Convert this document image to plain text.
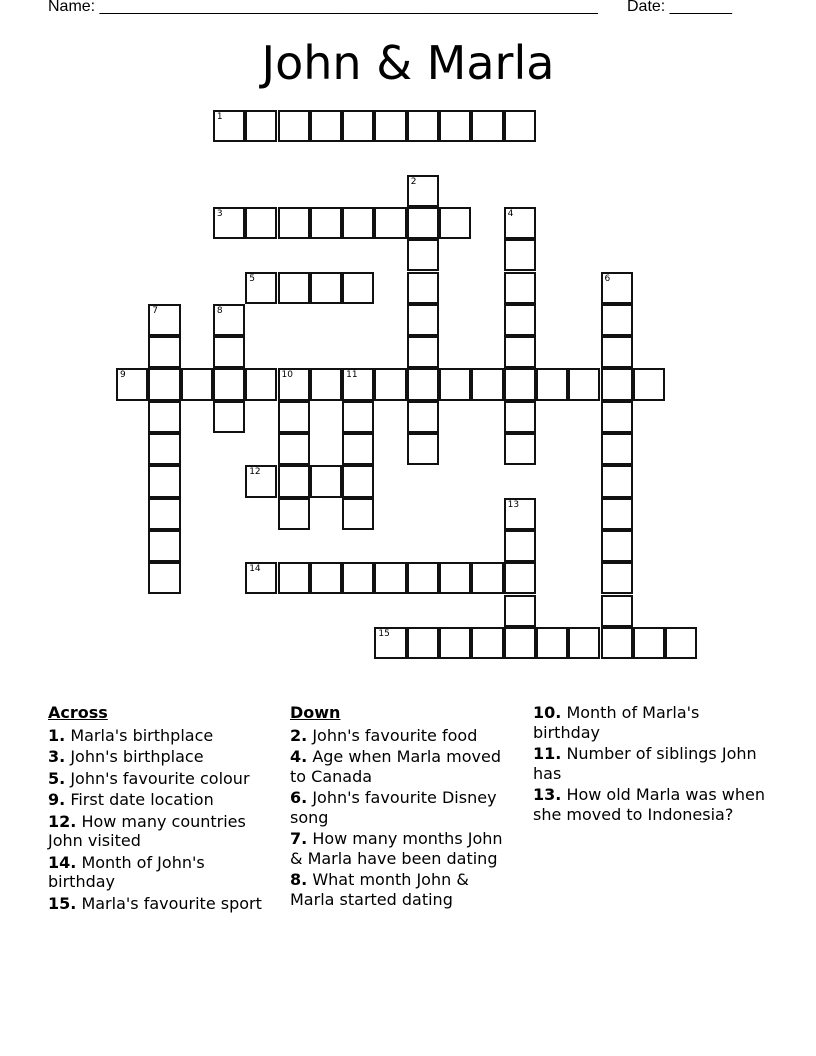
Name: ________________________________________________________ Date: _______
John & Marla
1
2
3	4
5	6
7	8
9	10	11
12
13
14
15
Across
1. Marla's birthplace
3. John's birthplace
5. John's favourite colour
9. First date location
12. How many countries John visited
14. Month of John's birthday
15. Marla's favourite sport
Down
2. John's favourite food
4. Age when Marla moved to Canada
6. John's favourite Disney song
7. How many months John & Marla have been dating
8. What month John & Marla started dating
10. Month of Marla's birthday
11. Number of siblings John has
13. How old Marla was when she moved to Indonesia?
